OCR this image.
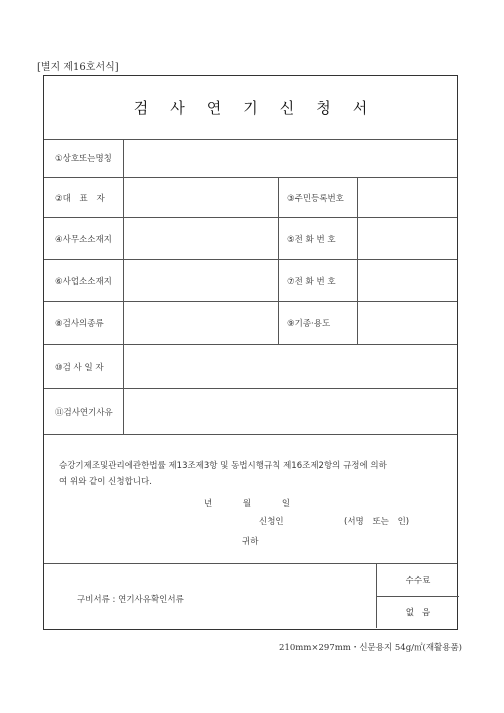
[별지 제16호서식]
검사연기신청서
①상호또는명칭
②대 표 자	③주민등록번호
④사무소소재지	⑤전 화 번 호
⑥사업소소재지	⑦전 화 번 호
⑧검사의종류	⑨기종·용도
⑩검 사 일 자
⑪검사연기사유
승강기제조및관리에관한법률 제13조제3항 및 동법시행규칙 제16조제2항의 규정에 의하
여 위와 같이 신청합니다.
년 월 일
신청인	(서명 또는 인)
귀하
구비서류 : 연기사유확인서류
수수료
없음
210mm×297mm・신문용지 54g/㎡(재활용품)
